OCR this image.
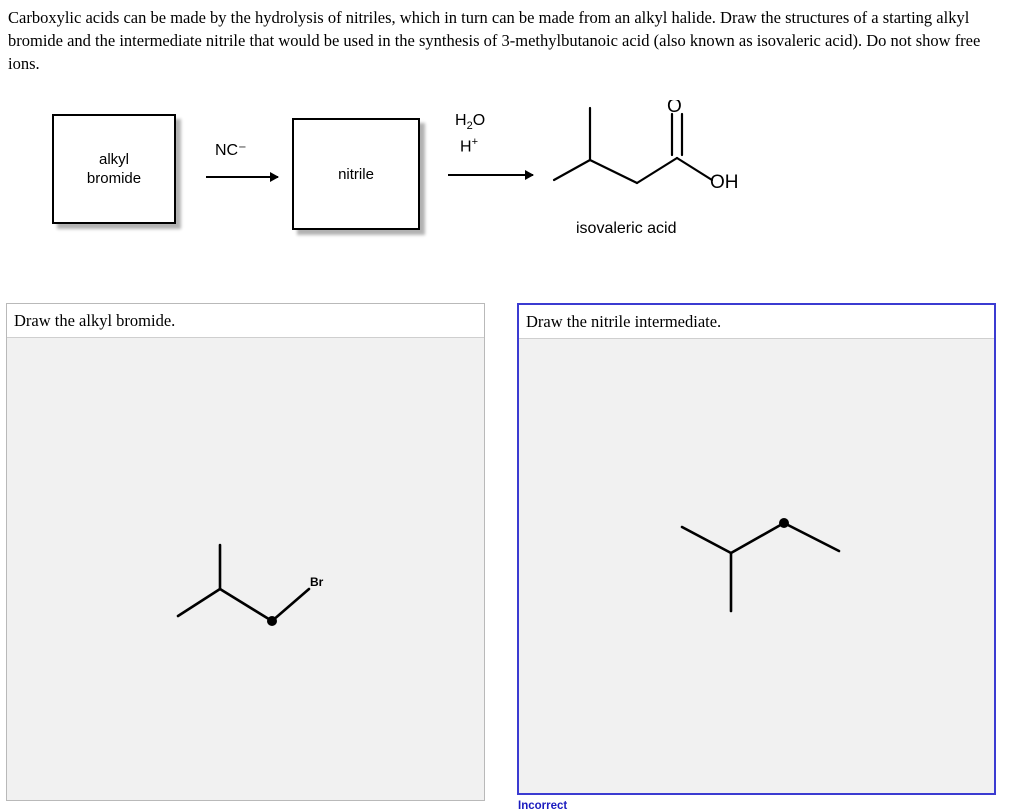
Carboxylic acids can be made by the hydrolysis of nitriles, which in turn can be made from an alkyl halide. Draw the structures of a starting alkyl bromide and the intermediate nitrile that would be used in the synthesis of 3-methylbutanoic acid (also known as isovaleric acid). Do not show free ions.
alkyl
bromide
NC⁻
nitrile
$H_2O$
H+
O
OH
isovaleric acid
Draw the alkyl bromide.
Br
Draw the nitrile intermediate.
Incorrect
